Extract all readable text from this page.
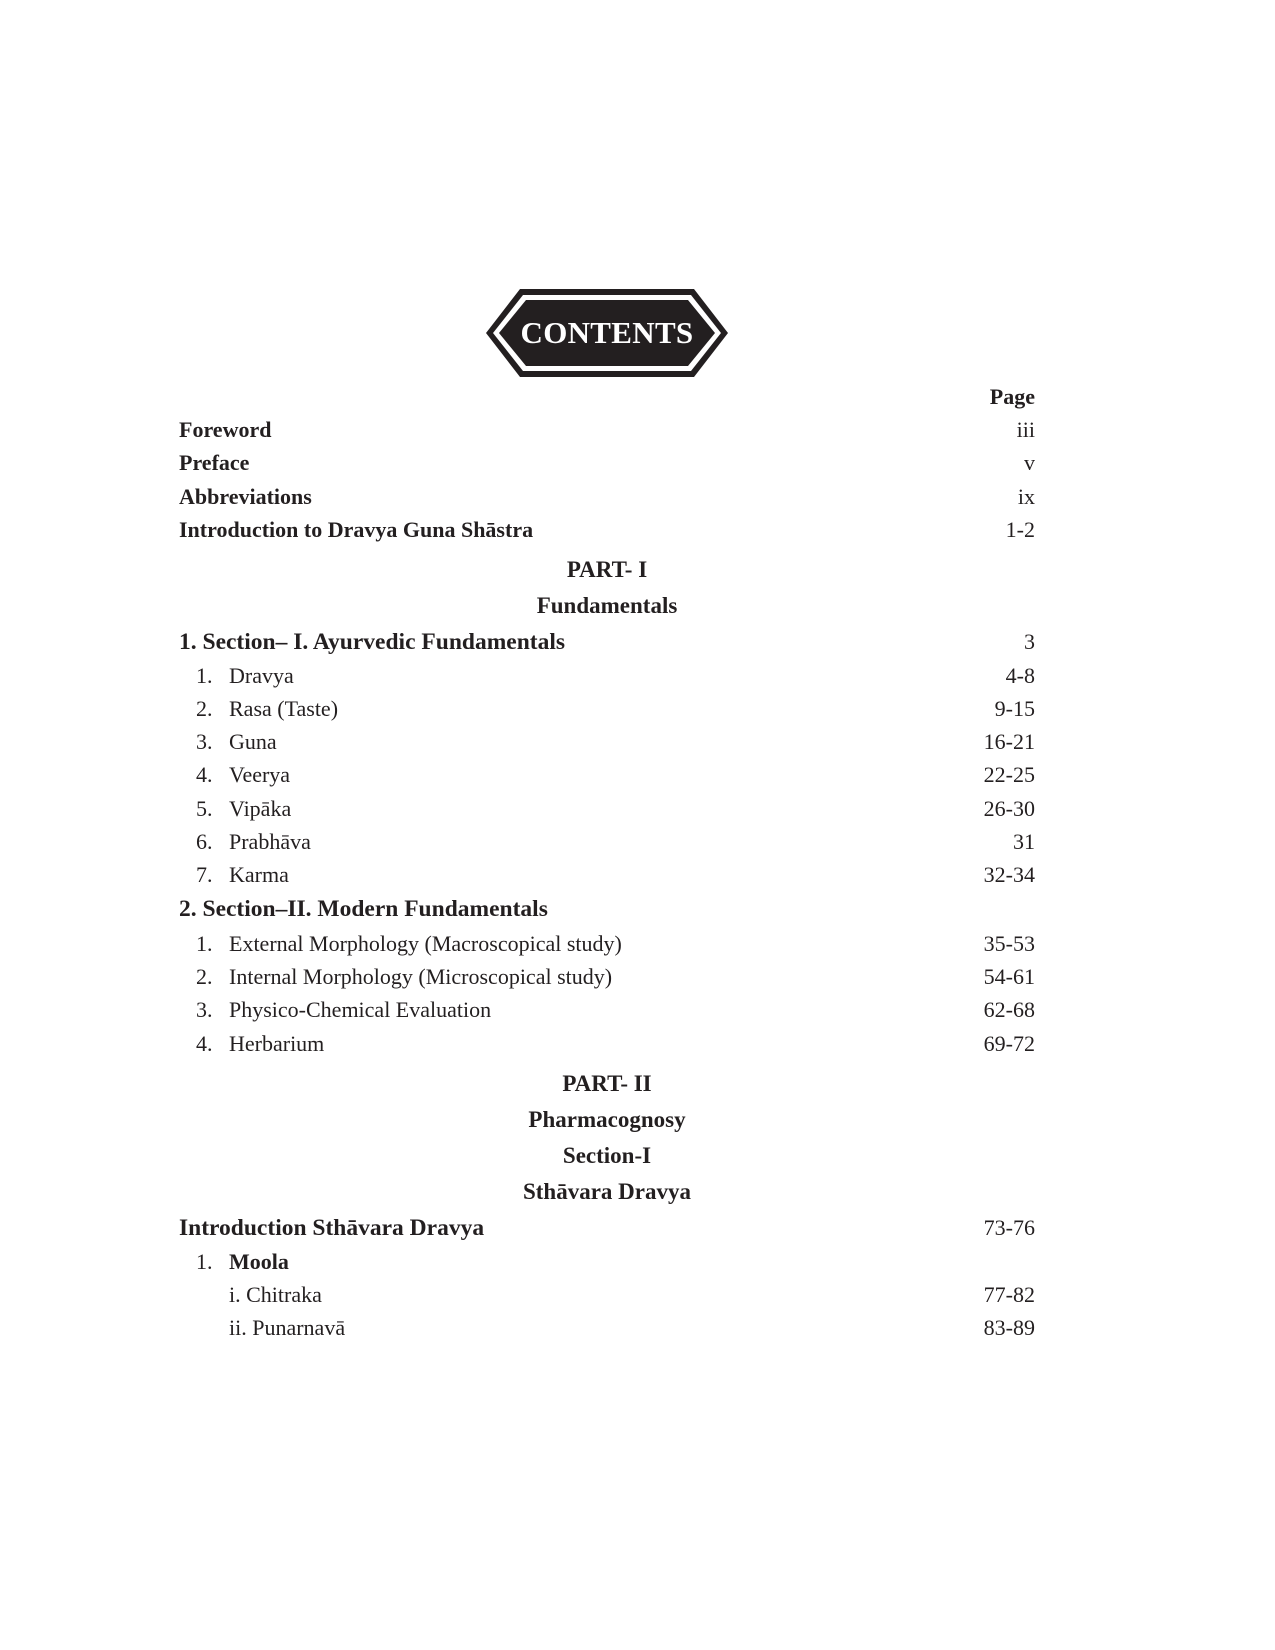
CONTENTS
Page
Foreword	iii
Preface	v
Abbreviations	ix
Introduction to Dravya Guna Shāstra	1-2
PART- I
Fundamentals
1. Section– I. Ayurvedic Fundamentals	3
1. Dravya	4-8
2. Rasa (Taste)	9-15
3. Guna	16-21
4. Veerya	22-25
5. Vipāka	26-30
6. Prabhāva	31
7. Karma	32-34
2. Section–II. Modern Fundamentals
1. External Morphology (Macroscopical study)	35-53
2. Internal Morphology (Microscopical study)	54-61
3. Physico-Chemical Evaluation	62-68
4. Herbarium	69-72
PART- II
Pharmacognosy
Section-I
Sthāvara Dravya
Introduction Sthāvara Dravya	73-76
1. Moola
i. Chitraka	77-82
ii. Punarnavā	83-89
